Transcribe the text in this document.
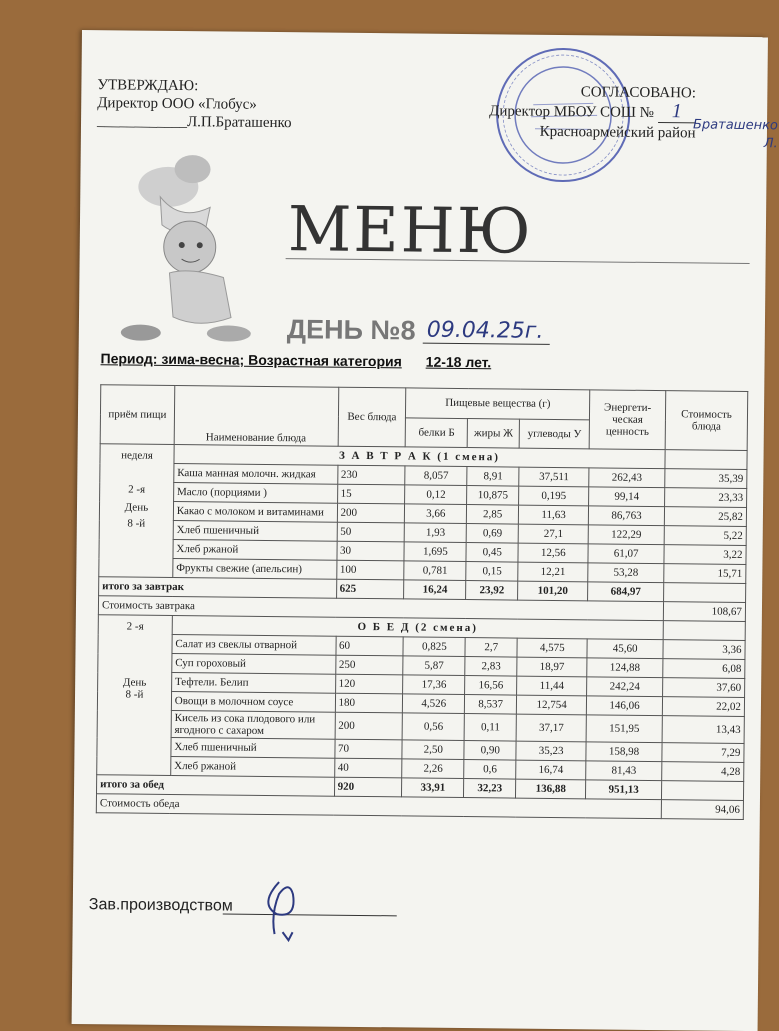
УТВЕРЖДАЮ:
Директор ООО «Глобус»
____________Л.П.Браташенко
СОГЛАСОВАНО:
Директор МБОУ СОШ № 1
Браташенко Л.
Красноармейский район
МЕНЮ
ДЕНЬ №8 09.04.25г.
Период: зима-весна; Возрастная категория 12-18 лет.
приём пищи	Наименование блюда	Вес блюда	Пищевые вещества (г)			Энергети- ческая ценность	Стоимость блюда
			белки Б	жиры Ж	углеводы У		

неделя
2 -я
День
8 -й	З А В Т Р А К (1 смена)						
	Каша манная молочн. жидкая	230	8,057	8,91	37,511	262,43	35,39
	Масло (порциями )	15	0,12	10,875	0,195	99,14	23,33
	Какао с молоком и витаминами	200	3,66	2,85	11,63	86,763	25,82
	Хлеб пшеничный	50	1,93	0,69	27,1	122,29	5,22
	Хлеб ржаной	30	1,695	0,45	12,56	61,07	3,22
	Фрукты свежие (апельсин)	100	0,781	0,15	12,21	53,28	15,71
итого за завтрак		625	16,24	23,92	101,20	684,97	
Стоимость завтрака							108,67

2 -я
День
8 -й	О Б Е Д (2 смена)						
	Салат из свеклы отварной	60	0,825	2,7	4,575	45,60	3,36
	Суп гороховый	250	5,87	2,83	18,97	124,88	6,08
	Тефтели. Белип	120	17,36	16,56	11,44	242,24	37,60
	Овощи в молочном соусе	180	4,526	8,537	12,754	146,06	22,02
	Кисель из сока плодового или ягодного с сахаром	200	0,56	0,11	37,17	151,95	13,43
	Хлеб пшеничный	70	2,50	0,90	35,23	158,98	7,29
	Хлеб ржаной	40	2,26	0,6	16,74	81,43	4,28
итого за обед		920	33,91	32,23	136,88	951,13	
Стоимость обеда							94,06
Зав.производством
